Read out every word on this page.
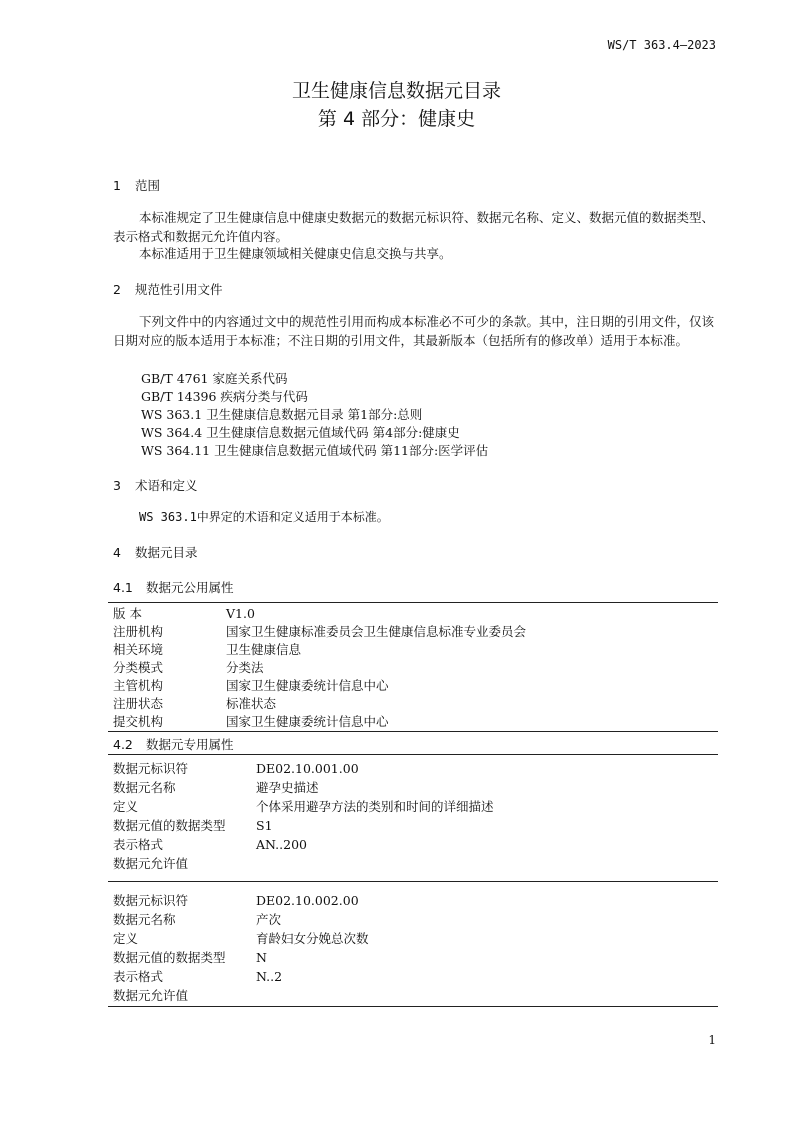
WS/T 363.4—2023
卫生健康信息数据元目录
第 4 部分：健康史
1 范围
本标准规定了卫生健康信息中健康史数据元的数据元标识符、数据元名称、定义、数据元值的数据类型、表示格式和数据元允许值内容。
本标准适用于卫生健康领域相关健康史信息交换与共享。
2 规范性引用文件
下列文件中的内容通过文中的规范性引用而构成本标准必不可少的条款。其中，注日期的引用文件，仅该日期对应的版本适用于本标准；不注日期的引用文件，其最新版本（包括所有的修改单）适用于本标准。
GB/T 4761 家庭关系代码
GB/T 14396 疾病分类与代码
WS 363.1 卫生健康信息数据元目录 第1部分:总则
WS 364.4 卫生健康信息数据元值域代码 第4部分:健康史
WS 364.11 卫生健康信息数据元值域代码 第11部分:医学评估
3 术语和定义
WS 363.1中界定的术语和定义适用于本标准。
4 数据元目录
4.1 数据元公用属性
版 本	V1.0
注册机构	国家卫生健康标准委员会卫生健康信息标准专业委员会
相关环境	卫生健康信息
分类模式	分类法
主管机构	国家卫生健康委统计信息中心
注册状态	标准状态
提交机构	国家卫生健康委统计信息中心
4.2 数据元专用属性
数据元标识符	DE02.10.001.00
数据元名称	避孕史描述
定义	个体采用避孕方法的类别和时间的详细描述
数据元值的数据类型 S1
表示格式	AN..200
数据元允许值
数据元标识符	DE02.10.002.00
数据元名称	产次
定义	育龄妇女分娩总次数
数据元值的数据类型 N
表示格式	N..2
数据元允许值
1
